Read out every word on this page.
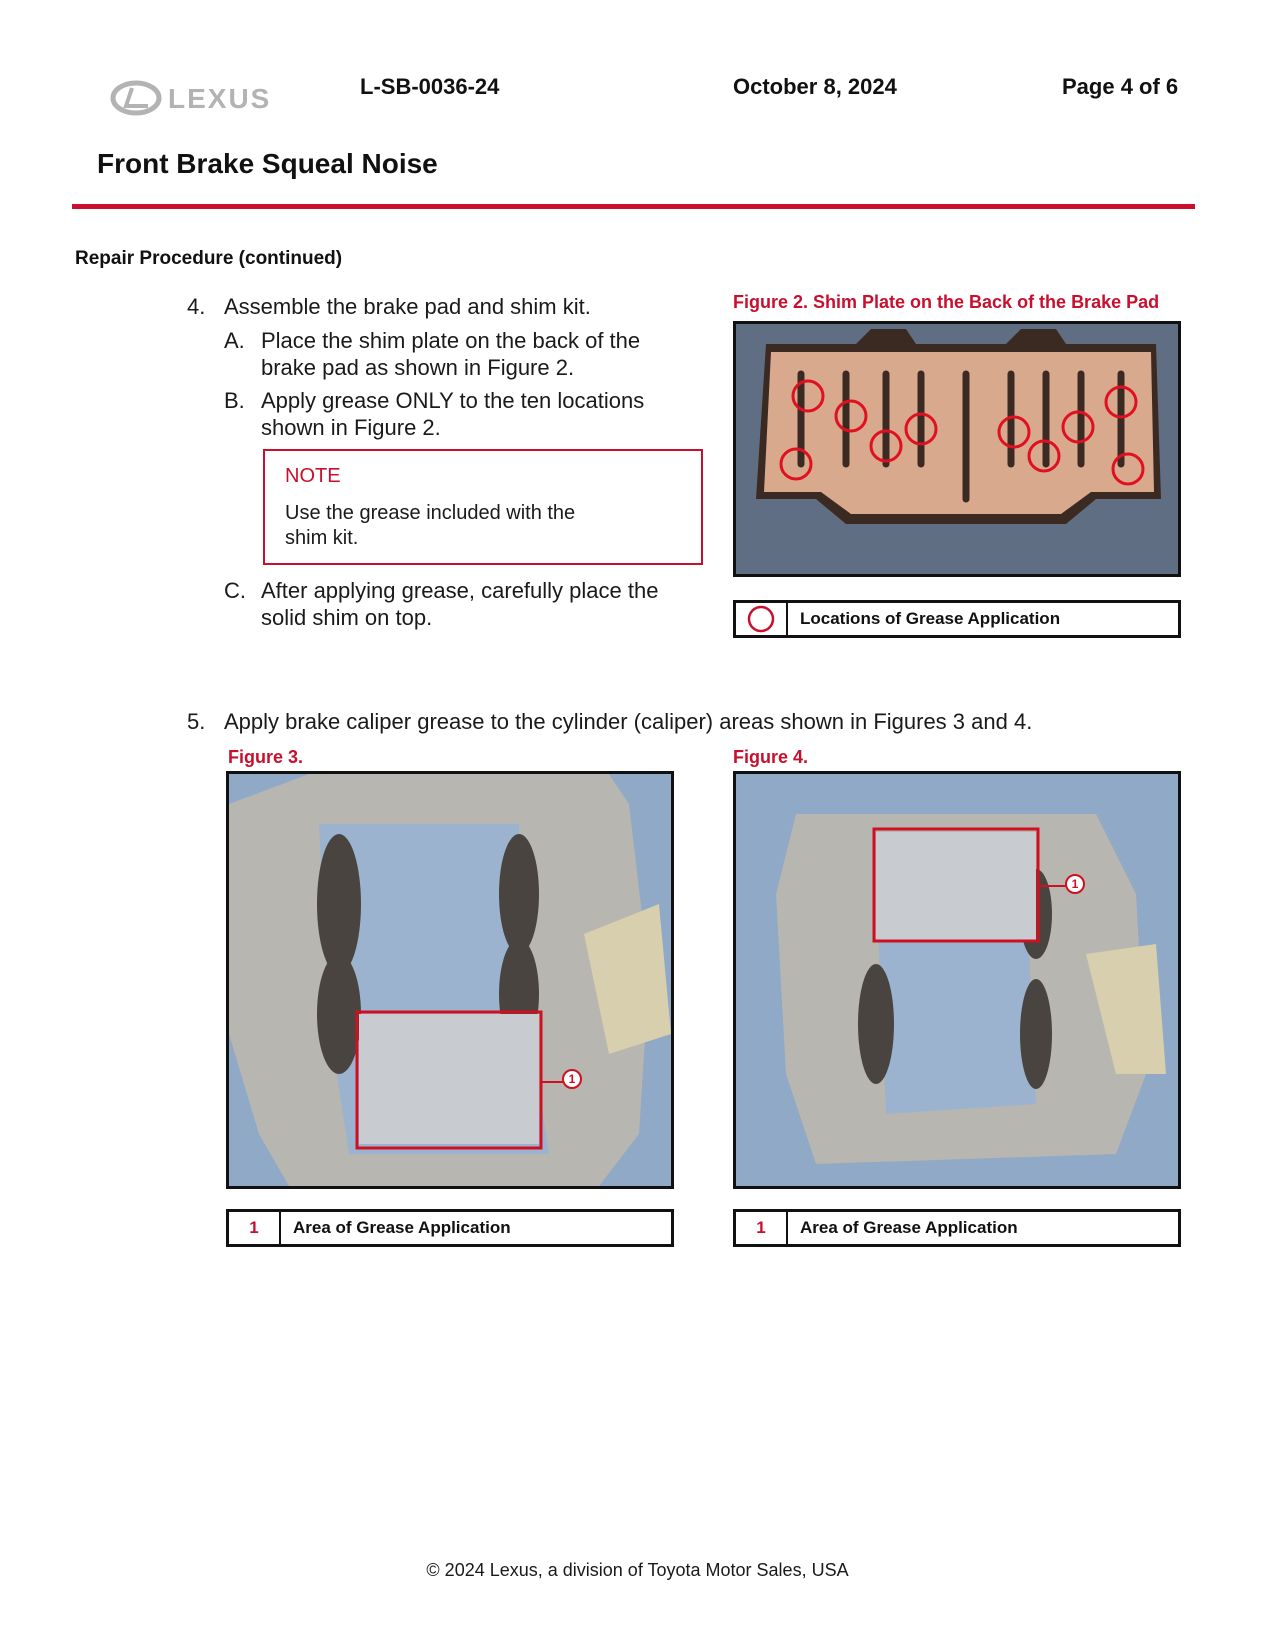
LEXUS	L-SB-0036-24	October 8, 2024	Page 4 of 6
Front Brake Squeal Noise
Repair Procedure (continued)
4. Assemble the brake pad and shim kit.
A. Place the shim plate on the back of the
brake pad as shown in Figure 2.
B. Apply grease ONLY to the ten locations
shown in Figure 2.
NOTE
Use the grease included with the
shim kit.
C. After applying grease, carefully place the
solid shim on top.
Figure 2. Shim Plate on the Back of the Brake Pad
Locations of Grease Application
5. Apply brake caliper grease to the cylinder (caliper) areas shown in Figures 3 and 4.
Figure 3.
1
1	Area of Grease Application
Figure 4.
1
1	Area of Grease Application
© 2024 Lexus, a division of Toyota Motor Sales, USA
